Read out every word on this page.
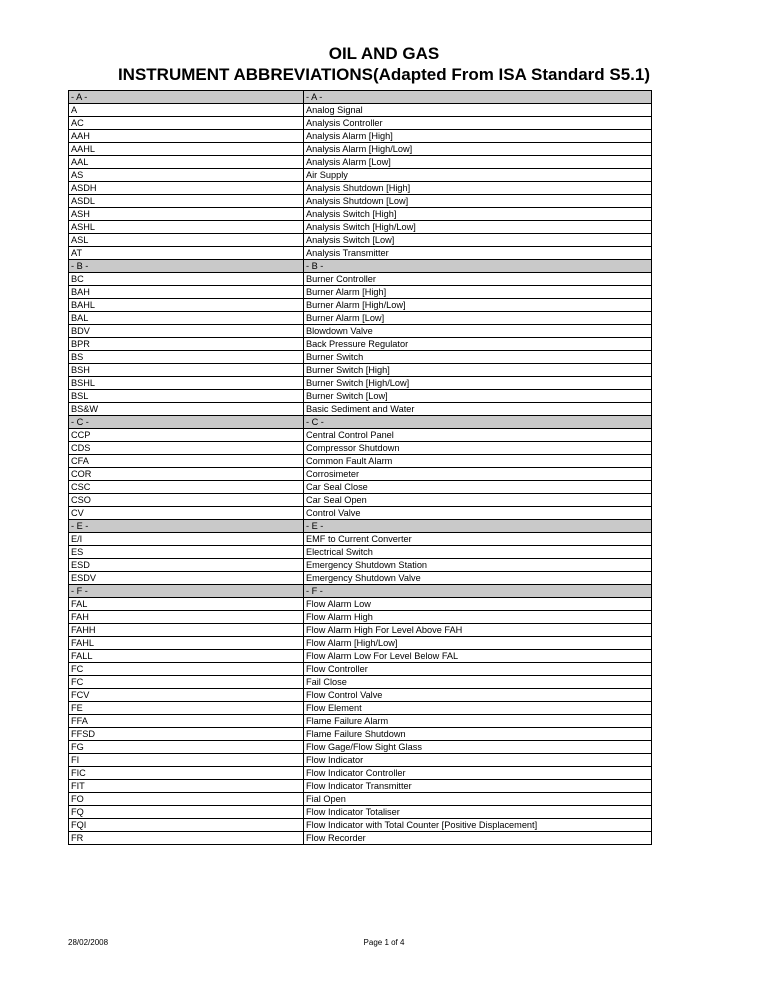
OIL AND GAS
INSTRUMENT ABBREVIATIONS(Adapted From ISA Standard S5.1)
- A -	- A -
A	Analog Signal
AC	Analysis Controller
AAH	Analysis Alarm [High]
AAHL	Analysis Alarm [High/Low]
AAL	Analysis Alarm [Low]
AS	Air Supply
ASDH	Analysis Shutdown [High]
ASDL	Analysis Shutdown [Low]
ASH	Analysis Switch [High]
ASHL	Analysis Switch [High/Low]
ASL	Analysis Switch [Low]
AT	Analysis Transmitter
- B -	- B -
BC	Burner Controller
BAH	Burner Alarm [High]
BAHL	Burner Alarm [High/Low]
BAL	Burner Alarm [Low]
BDV	Blowdown Valve
BPR	Back Pressure Regulator
BS	Burner Switch
BSH	Burner Switch [High]
BSHL	Burner Switch [High/Low]
BSL	Burner Switch [Low]
BS&W	Basic Sediment and Water
- C -	- C -
CCP	Central Control Panel
CDS	Compressor Shutdown
CFA	Common Fault Alarm
COR	Corrosimeter
CSC	Car Seal Close
CSO	Car Seal Open
CV	Control Valve
- E -	- E -
E/I	EMF to Current Converter
ES	Electrical Switch
ESD	Emergency Shutdown Station
ESDV	Emergency Shutdown Valve
- F -	- F -
FAL	Flow Alarm Low
FAH	Flow Alarm High
FAHH	Flow Alarm High For Level Above FAH
FAHL	Flow Alarm [High/Low]
FALL	Flow Alarm Low For Level Below FAL
FC	Flow Controller
FC	Fail Close
FCV	Flow Control Valve
FE	Flow Element
FFA	Flame Failure Alarm
FFSD	Flame Failure Shutdown
FG	Flow Gage/Flow Sight Glass
FI	Flow Indicator
FIC	Flow Indicator Controller
FIT	Flow Indicator Transmitter
FO	Fial Open
FQ	Flow Indicator Totaliser
FQI	Flow Indicator with Total Counter [Positive Displacement]
FR	Flow Recorder
28/02/2008	Page 1 of 4
